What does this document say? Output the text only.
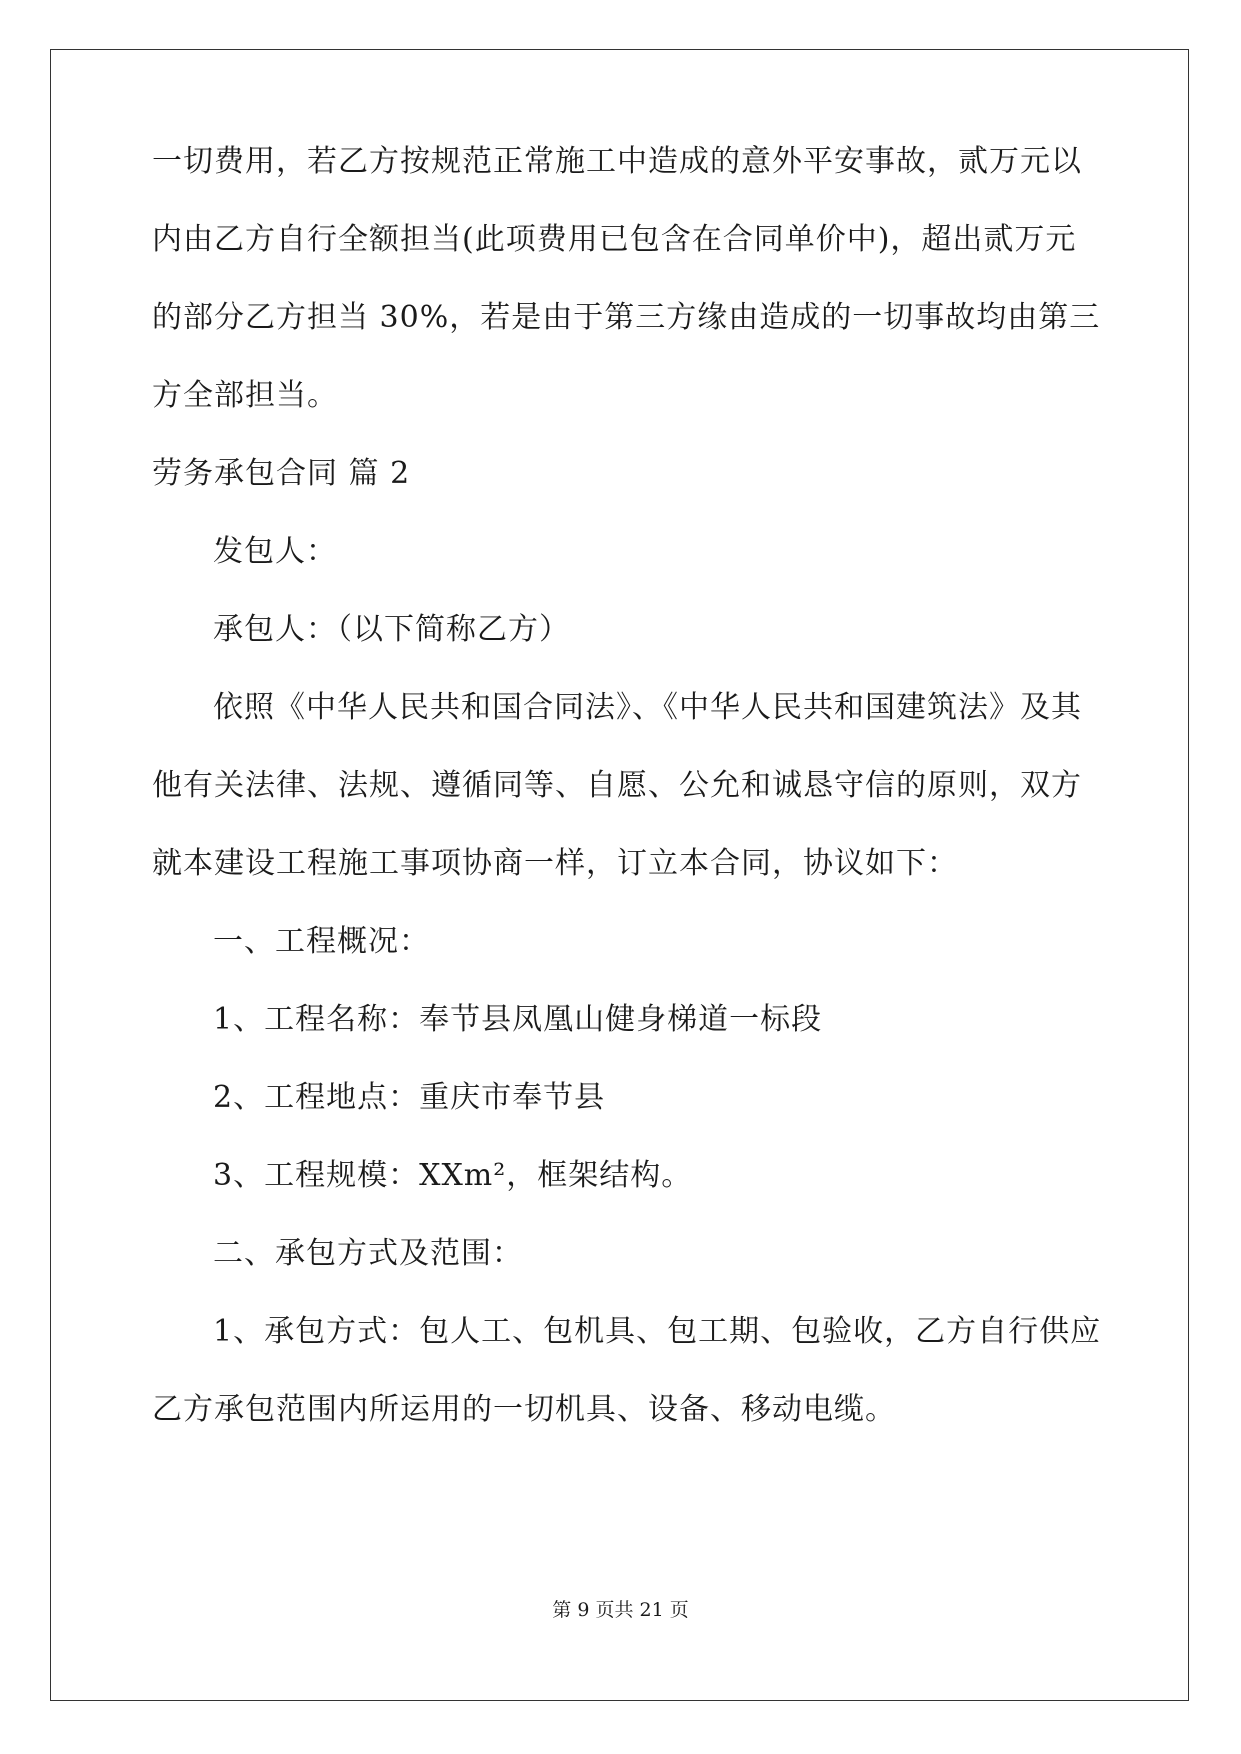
一切费用，若乙方按规范正常施工中造成的意外平安事故，贰万元以
内由乙方自行全额担当(此项费用已包含在合同单价中)，超出贰万元
的部分乙方担当 30%，若是由于第三方缘由造成的一切事故均由第三
方全部担当。
劳务承包合同 篇 2
发包人：
承包人：（以下简称乙方）
依照《中华人民共和国合同法》、《中华人民共和国建筑法》及其
他有关法律、法规、遵循同等、自愿、公允和诚恳守信的原则，双方
就本建设工程施工事项协商一样，订立本合同，协议如下：
一、工程概况：
1、工程名称：奉节县凤凰山健身梯道一标段
2、工程地点：重庆市奉节县
3、工程规模：XXm²，框架结构。
二、承包方式及范围：
1、承包方式：包人工、包机具、包工期、包验收，乙方自行供应
乙方承包范围内所运用的一切机具、设备、移动电缆。
第 9 页共 21 页
